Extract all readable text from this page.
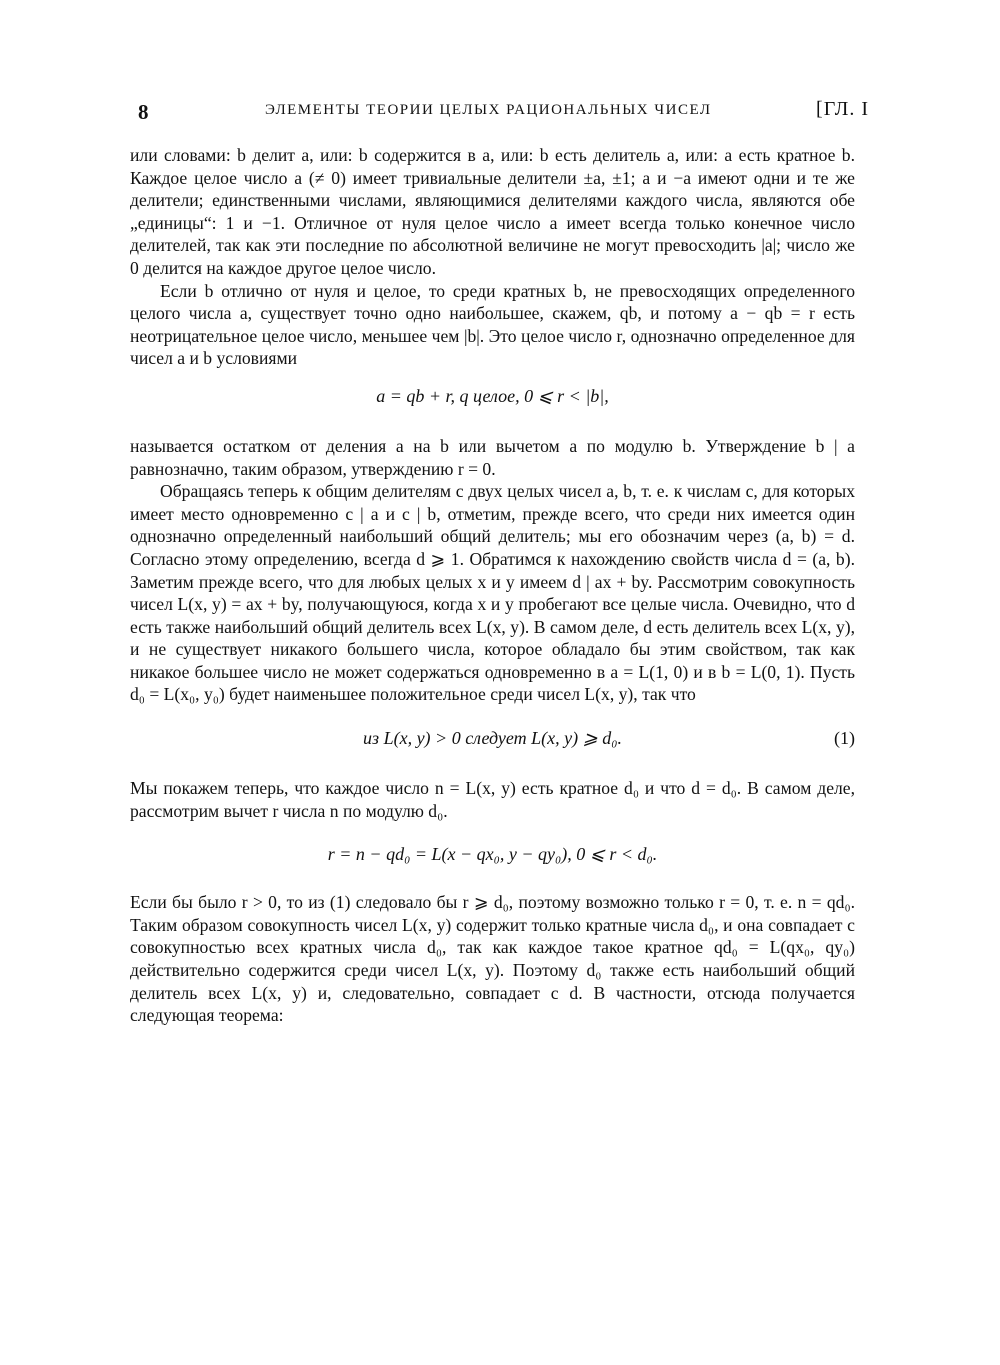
8	ЭЛЕМЕНТЫ ТЕОРИИ ЦЕЛЫХ РАЦИОНАЛЬНЫХ ЧИСЕЛ	[ГЛ. I

или словами: b делит a, или: b содержится в a, или: b есть делитель a, или: a есть кратное b. Каждое целое число a (≠ 0) имеет тривиальные делители ±a, ±1; a и −a имеют одни и те же делители; единственными числами, являющимися делителями каждого числа, являются обе „единицы“: 1 и −1. Отличное от нуля целое число a имеет всегда только конечное число делителей, так как эти последние по абсолютной величине не могут превосходить |a|; число же 0 делится на каждое другое целое число.

Если b отлично от нуля и целое, то среди кратных b, не превосходящих определенного целого числа a, существует точно одно наибольшее, скажем, qb, и потому a − qb = r есть неотрицательное целое число, меньшее чем |b|. Это целое число r, однозначно определенное для чисел a и b условиями

a = qb + r, q целое, 0 ⩽ r < |b|,

называется остатком от деления a на b или вычетом a по модулю b. Утверждение b | a равнозначно, таким образом, утверждению r = 0.

Обращаясь теперь к общим делителям c двух целых чисел a, b, т. е. к числам c, для которых имеет место одновременно c | a и c | b, отметим, прежде всего, что среди них имеется один однозначно определенный наибольший общий делитель; мы его обозначим через (a, b) = d. Согласно этому определению, всегда d ⩾ 1. Обратимся к нахождению свойств числа d = (a, b). Заметим прежде всего, что для любых целых x и y имеем d | ax + by. Рассмотрим совокупность чисел L(x, y) = ax + by, получающуюся, когда x и y пробегают все целые числа. Очевидно, что d есть также наибольший общий делитель всех L(x, y). В самом деле, d есть делитель всех L(x, y), и не существует никакого большего числа, которое обладало бы этим свойством, так как никакое большее число не может содержаться одновременно в a = L(1, 0) и в b = L(0, 1). Пусть d₀ = L(x₀, y₀) будет наименьшее положительное среди чисел L(x, y), так что

из L(x, y) > 0 следует L(x, y) ⩾ d₀.	(1)

Мы покажем теперь, что каждое число n = L(x, y) есть кратное d₀ и что d = d₀. В самом деле, рассмотрим вычет r числа n по модулю d₀.

r = n − qd₀ = L(x − qx₀, y − qy₀), 0 ⩽ r < d₀.

Если бы было r > 0, то из (1) следовало бы r ⩾ d₀, поэтому возможно только r = 0, т. е. n = qd₀. Таким образом совокупность чисел L(x, y) содержит только кратные числа d₀, и она совпадает с совокупностью всех кратных числа d₀, так как каждое такое кратное qd₀ = L(qx₀, qy₀) действительно содержится среди чисел L(x, y). Поэтому d₀ также есть наибольший общий делитель всех L(x, y) и, следовательно, совпадает с d. В частности, отсюда получается следующая теорема:
